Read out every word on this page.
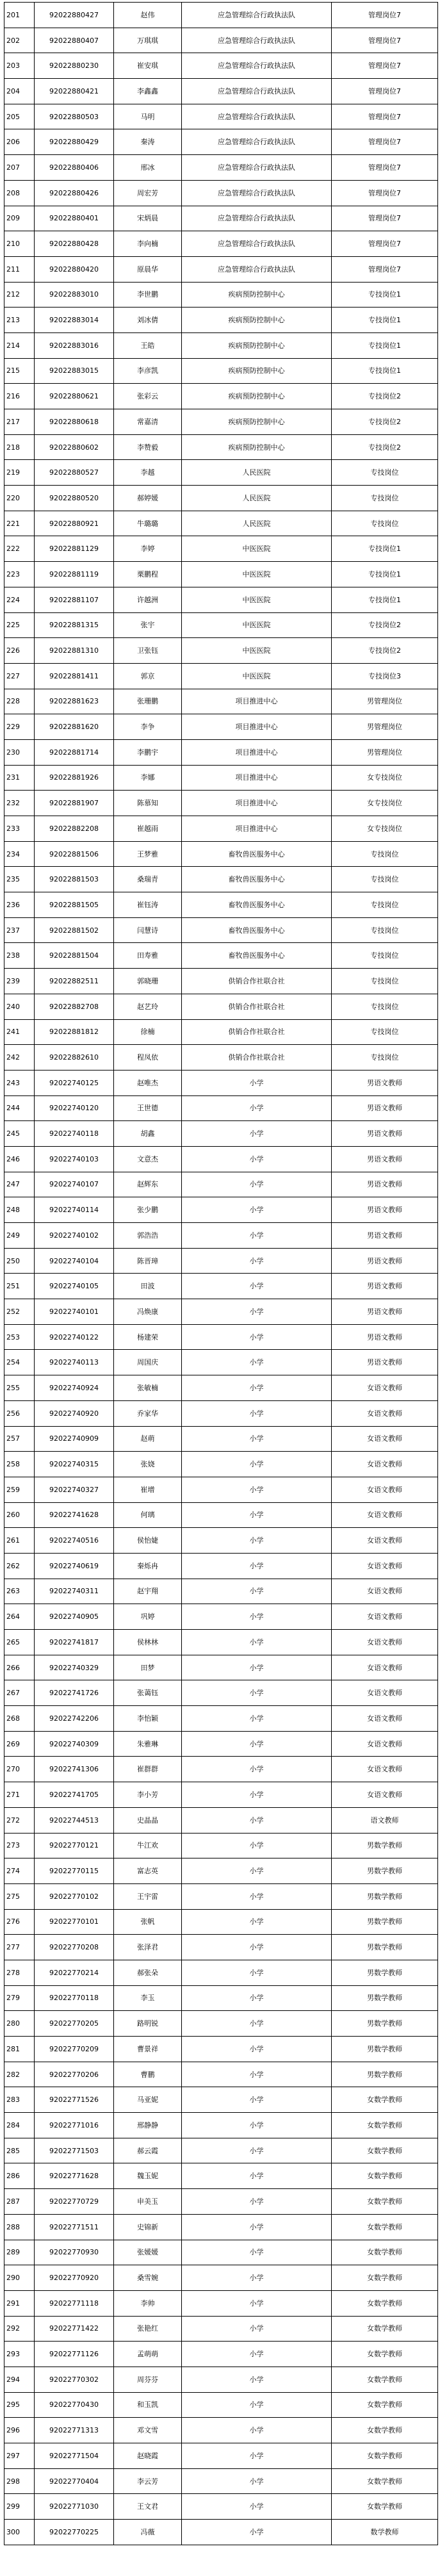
201	92022880427	赵伟	应急管理综合行政执法队	管理岗位7
202	92022880407	万琪琪	应急管理综合行政执法队	管理岗位7
203	92022880230	崔安琪	应急管理综合行政执法队	管理岗位7
204	92022880421	李鑫鑫	应急管理综合行政执法队	管理岗位7
205	92022880503	马明	应急管理综合行政执法队	管理岗位7
206	92022880429	秦涛	应急管理综合行政执法队	管理岗位7
207	92022880406	邢冰	应急管理综合行政执法队	管理岗位7
208	92022880426	周宏芳	应急管理综合行政执法队	管理岗位7
209	92022880401	宋炳晨	应急管理综合行政执法队	管理岗位7
210	92022880428	李向楠	应急管理综合行政执法队	管理岗位7
211	92022880420	原晨华	应急管理综合行政执法队	管理岗位7
212	92022883010	李世鹏	疾病预防控制中心	专技岗位1
213	92022883014	刘冰倩	疾病预防控制中心	专技岗位1
214	92022883016	王皓	疾病预防控制中心	专技岗位1
215	92022883015	李彦凯	疾病预防控制中心	专技岗位1
216	92022880621	张彩云	疾病预防控制中心	专技岗位2
217	92022880618	常嘉清	疾病预防控制中心	专技岗位2
218	92022880602	李赞毅	疾病预防控制中心	专技岗位2
219	92022880527	李越	人民医院	专技岗位
220	92022880520	郝婷媛	人民医院	专技岗位
221	92022880921	牛璐璐	人民医院	专技岗位
222	92022881129	李婷	中医医院	专技岗位1
223	92022881119	栗鹏程	中医医院	专技岗位1
224	92022881107	许越洲	中医医院	专技岗位1
225	92022881315	张宇	中医医院	专技岗位2
226	92022881310	卫张钰	中医医院	专技岗位2
227	92022881411	郭京	中医医院	专技岗位3
228	92022881623	张珊鹏	项目推进中心	男管理岗位
229	92022881620	李争	项目推进中心	男管理岗位
230	92022881714	李鹏宇	项目推进中心	男管理岗位
231	92022881926	李娜	项目推进中心	女专技岗位
232	92022881907	陈慕知	项目推进中心	女专技岗位
233	92022882208	崔越雨	项目推进中心	女专技岗位
234	92022881506	王梦雅	畜牧兽医服务中心	专技岗位
235	92022881503	桑瑞青	畜牧兽医服务中心	专技岗位
236	92022881505	崔钰涛	畜牧兽医服务中心	专技岗位
237	92022881502	闫慧诗	畜牧兽医服务中心	专技岗位
238	92022881504	田寿雅	畜牧兽医服务中心	专技岗位
239	92022882511	郭晓珊	供销合作社联合社	专技岗位
240	92022882708	赵艺玲	供销合作社联合社	专技岗位
241	92022881812	徐楠	供销合作社联合社	专技岗位
242	92022882610	程凤依	供销合作社联合社	专技岗位
243	92022740125	赵唯杰	小学	男语文教师
244	92022740120	王世德	小学	男语文教师
245	92022740118	胡鑫	小学	男语文教师
246	92022740103	文意杰	小学	男语文教师
247	92022740107	赵辉东	小学	男语文教师
248	92022740114	张少鹏	小学	男语文教师
249	92022740102	郭浩浩	小学	男语文教师
250	92022740104	陈晋璋	小学	男语文教师
251	92022740105	田波	小学	男语文教师
252	92022740101	冯焕康	小学	男语文教师
253	92022740122	杨建荣	小学	男语文教师
254	92022740113	周国庆	小学	男语文教师
255	92022740924	张敏楠	小学	女语文教师
256	92022740920	乔家华	小学	女语文教师
257	92022740909	赵萌	小学	女语文教师
258	92022740315	张娆	小学	女语文教师
259	92022740327	崔增	小学	女语文教师
260	92022741628	何璃	小学	女语文教师
261	92022740516	侯怡婕	小学	女语文教师
262	92022740619	秦烁冉	小学	女语文教师
263	92022740311	赵宇翔	小学	女语文教师
264	92022740905	巩婷	小学	女语文教师
265	92022741817	侯林林	小学	女语文教师
266	92022740329	田梦	小学	女语文教师
267	92022741726	张蔼钰	小学	女语文教师
268	92022742206	李怡颖	小学	女语文教师
269	92022740309	朱雅琳	小学	女语文教师
270	92022741306	崔群群	小学	女语文教师
271	92022741705	李小芳	小学	女语文教师
272	92022744513	史晶晶	小学	语文教师
273	92022770121	牛江欢	小学	男数学教师
274	92022770115	富志英	小学	男数学教师
275	92022770102	王宇雷	小学	男数学教师
276	92022770101	张帆	小学	男数学教师
277	92022770208	张泽君	小学	男数学教师
278	92022770214	郝张朵	小学	男数学教师
279	92022770118	李玉	小学	男数学教师
280	92022770205	路明锐	小学	男数学教师
281	92022770209	曹景祥	小学	男数学教师
282	92022770206	曹鹏	小学	男数学教师
283	92022771526	马亚妮	小学	女数学教师
284	92022771016	邢静静	小学	女数学教师
285	92022771503	郝云霞	小学	女数学教师
286	92022771628	魏玉妮	小学	女数学教师
287	92022770729	申美玉	小学	女数学教师
288	92022771511	史锦新	小学	女数学教师
289	92022770930	张媛媛	小学	女数学教师
290	92022770920	桑雪婉	小学	女数学教师
291	92022771118	李帅	小学	女数学教师
292	92022771422	张艳红	小学	女数学教师
293	92022771126	孟萌萌	小学	女数学教师
294	92022770302	周芬芬	小学	女数学教师
295	92022770430	和玉凯	小学	女数学教师
296	92022771313	邓文雪	小学	女数学教师
297	92022771504	赵晓霞	小学	女数学教师
298	92022770404	李云芳	小学	女数学教师
299	92022771030	王文君	小学	女数学教师
300	92022770225	冯薇	小学	数学教师
